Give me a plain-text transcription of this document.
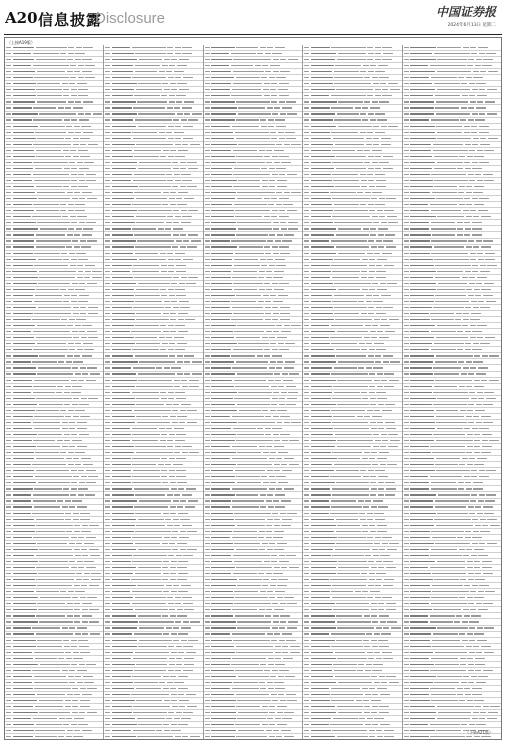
A20 信息披露
Disclosure	中国证券报
2024年6月13日 星期二
（上接A19版）
（下转A21版）
